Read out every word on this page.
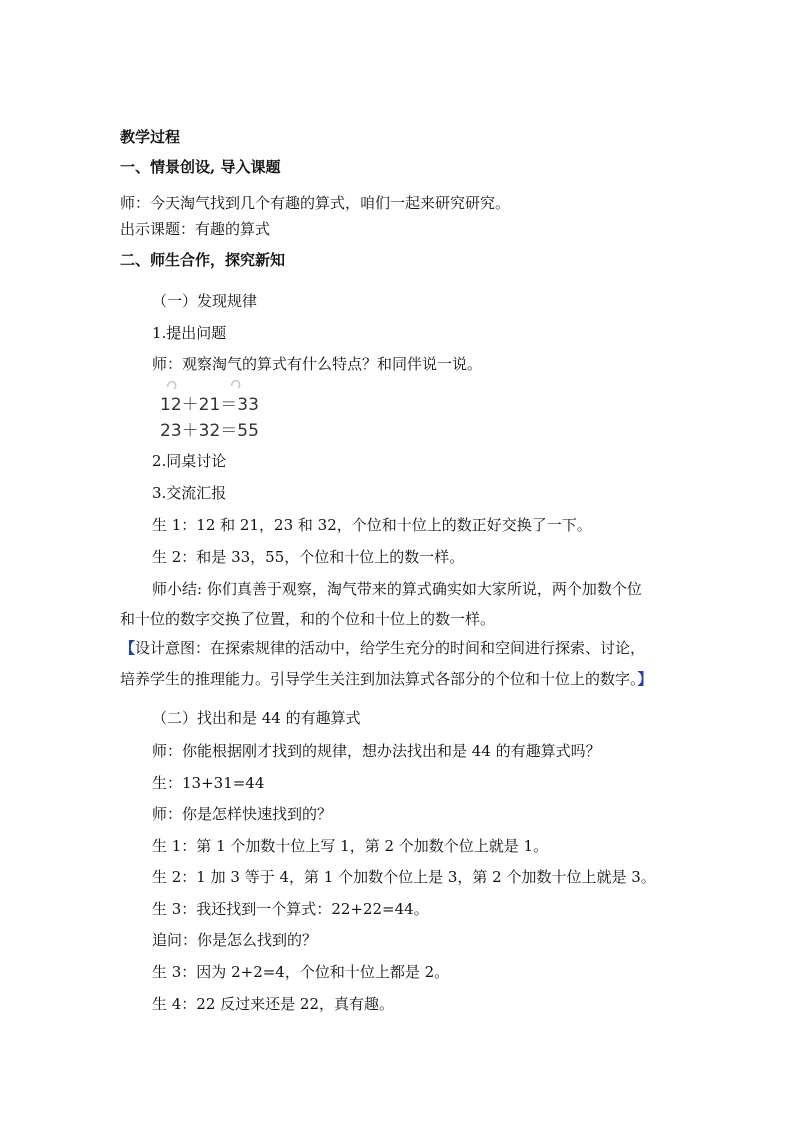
教学过程
一、情景创设, 导入课题
师：今天淘气找到几个有趣的算式，咱们一起来研究研究。
出示课题：有趣的算式
二、师生合作，探究新知
（一）发现规律
1.提出问题
师：观察淘气的算式有什么特点？和同伴说一说。
12＋21＝33
23＋32＝55
2.同桌讨论
3.交流汇报
生 1：12 和 21，23 和 32，个位和十位上的数正好交换了一下。
生 2：和是 33，55，个位和十位上的数一样。
师小结: 你们真善于观察，淘气带来的算式确实如大家所说，两个加数个位
和十位的数字交换了位置，和的个位和十位上的数一样。
【设计意图：在探索规律的活动中，给学生充分的时间和空间进行探索、讨论，
培养学生的推理能力。引导学生关注到加法算式各部分的个位和十位上的数字。】
（二）找出和是 44 的有趣算式
师：你能根据刚才找到的规律，想办法找出和是 44 的有趣算式吗？
生：13+31=44
师：你是怎样快速找到的？
生 1：第 1 个加数十位上写 1，第 2 个加数个位上就是 1。
生 2：1 加 3 等于 4，第 1 个加数个位上是 3，第 2 个加数十位上就是 3。
生 3：我还找到一个算式：22+22=44。
追问：你是怎么找到的？
生 3：因为 2+2=4，个位和十位上都是 2。
生 4：22 反过来还是 22，真有趣。
